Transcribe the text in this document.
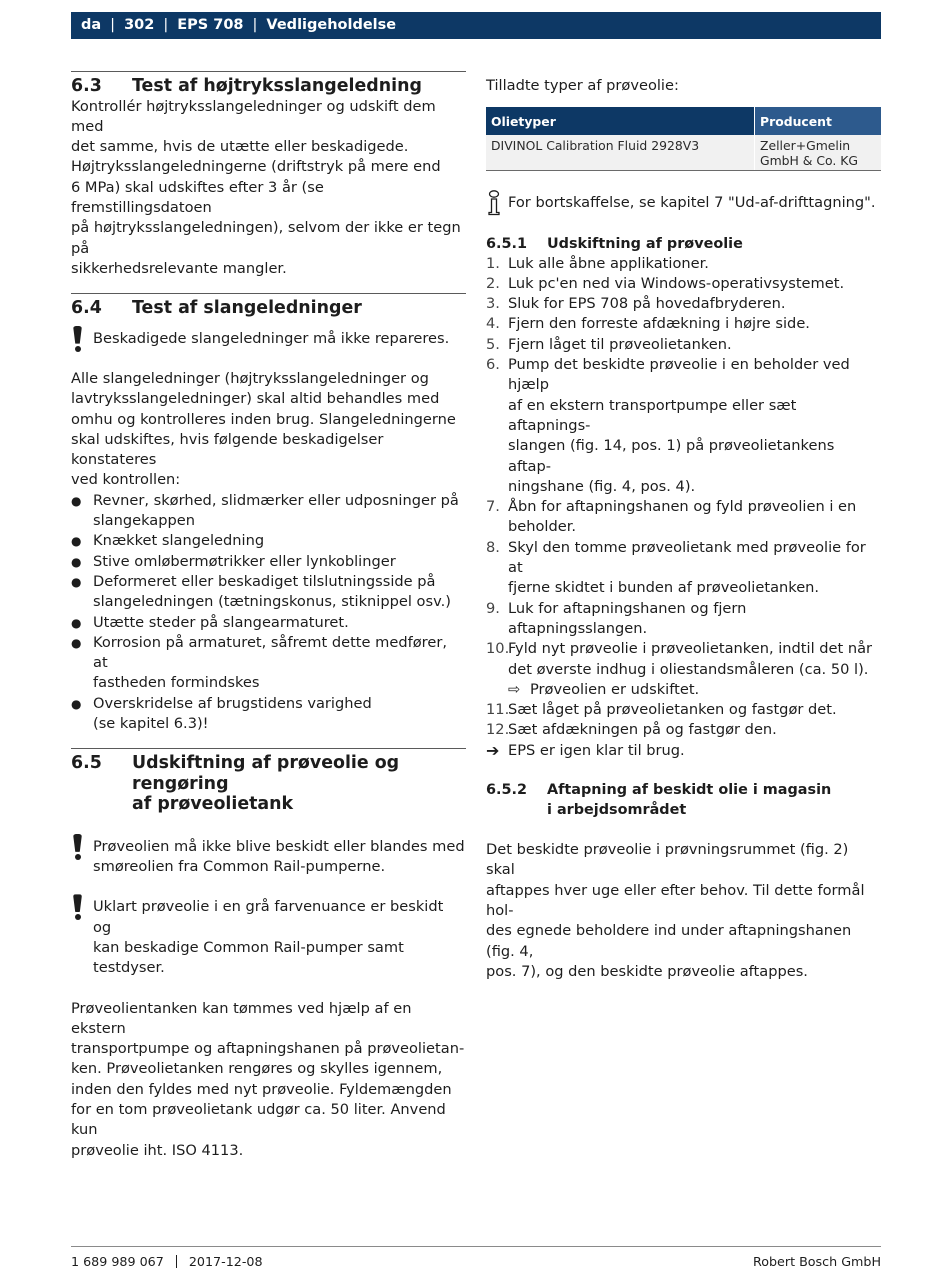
da | 302 | EPS 708 | Vedligeholdelse
6.3	Test af højtryksslangeledning
Kontrollér højtryksslangeledninger og udskift dem med
det samme, hvis de utætte eller beskadigede.
Højtryksslangeledningerne (driftstryk på mere end
6 MPa) skal udskiftes efter 3 år (se fremstillingsdatoen
på højtryksslangeledningen), selvom der ikke er tegn på
sikkerhedsrelevante mangler.
6.4	Test af slangeledninger
Beskadigede slangeledninger må ikke repareres.
Alle slangeledninger (højtryksslangeledninger og
lavtryksslangeledninger) skal altid behandles med
omhu og kontrolleres inden brug. Slangeledningerne
skal udskiftes, hvis følgende beskadigelser konstateres
ved kontrollen:
● Revner, skørhed, slidmærker eller udposninger på
slangekappen
● Knækket slangeledning
● Stive omløbermøtrikker eller lynkoblinger
● Deformeret eller beskadiget tilslutningsside på
slangeledningen (tætningskonus, stiknippel osv.)
● Utætte steder på slangearmaturet.
● Korrosion på armaturet, såfremt dette medfører, at
fastheden formindskes
● Overskridelse af brugstidens varighed
(se kapitel 6.3)!
6.5	Udskiftning af prøveolie og rengøring
af prøveolietank
Prøveolien må ikke blive beskidt eller blandes med
smøreolien fra Common Rail-pumperne.
Uklart prøveolie i en grå farvenuance er beskidt og
kan beskadige Common Rail-pumper samt testdyser.
Prøveolientanken kan tømmes ved hjælp af en ekstern
transportpumpe og aftapningshanen på prøveolietan-
ken. Prøveolietanken rengøres og skylles igennem,
inden den fyldes med nyt prøveolie. Fyldemængden
for en tom prøveolietank udgør ca. 50 liter. Anvend kun
prøveolie iht. ISO 4113.
Tilladte typer af prøveolie:
Olietyper	Producent
DIVINOL Calibration Fluid 2928V3	Zeller+Gmelin
GmbH & Co. KG
For bortskaffelse, se kapitel 7 "Ud-af-drifttagning".
6.5.1	Udskiftning af prøveolie
1. Luk alle åbne applikationer.
2. Luk pc'en ned via Windows-operativsystemet.
3. Sluk for EPS 708 på hovedafbryderen.
4. Fjern den forreste afdækning i højre side.
5. Fjern låget til prøveolietanken.
6. Pump det beskidte prøveolie i en beholder ved hjælp
af en ekstern transportpumpe eller sæt aftapnings-
slangen (fig. 14, pos. 1) på prøveolietankens aftap-
ningshane (fig. 4, pos. 4).
7. Åbn for aftapningshanen og fyld prøveolien i en
beholder.
8. Skyl den tomme prøveolietank med prøveolie for at
fjerne skidtet i bunden af prøveolietanken.
9. Luk for aftapningshanen og fjern aftapningsslangen.
10.
Fyld nyt prøveolie i prøveolietanken, indtil det når
det øverste indhug i oliestandsmåleren (ca. 50 l).
⇨ Prøveolien er udskiftet.
11.
Sæt låget på prøveolietanken og fastgør det.
12.
Sæt afdækningen på og fastgør den.
➔ EPS er igen klar til brug.
6.5.2	Aftapning af beskidt olie i magasin
i arbejdsområdet
Det beskidte prøveolie i prøvningsrummet (fig. 2) skal
aftappes hver uge eller efter behov. Til dette formål hol-
des egnede beholdere ind under aftapningshanen (fig. 4,
pos. 7), og den beskidte prøveolie aftappes.
1 689 989 067 2017-12-08	Robert Bosch GmbH
